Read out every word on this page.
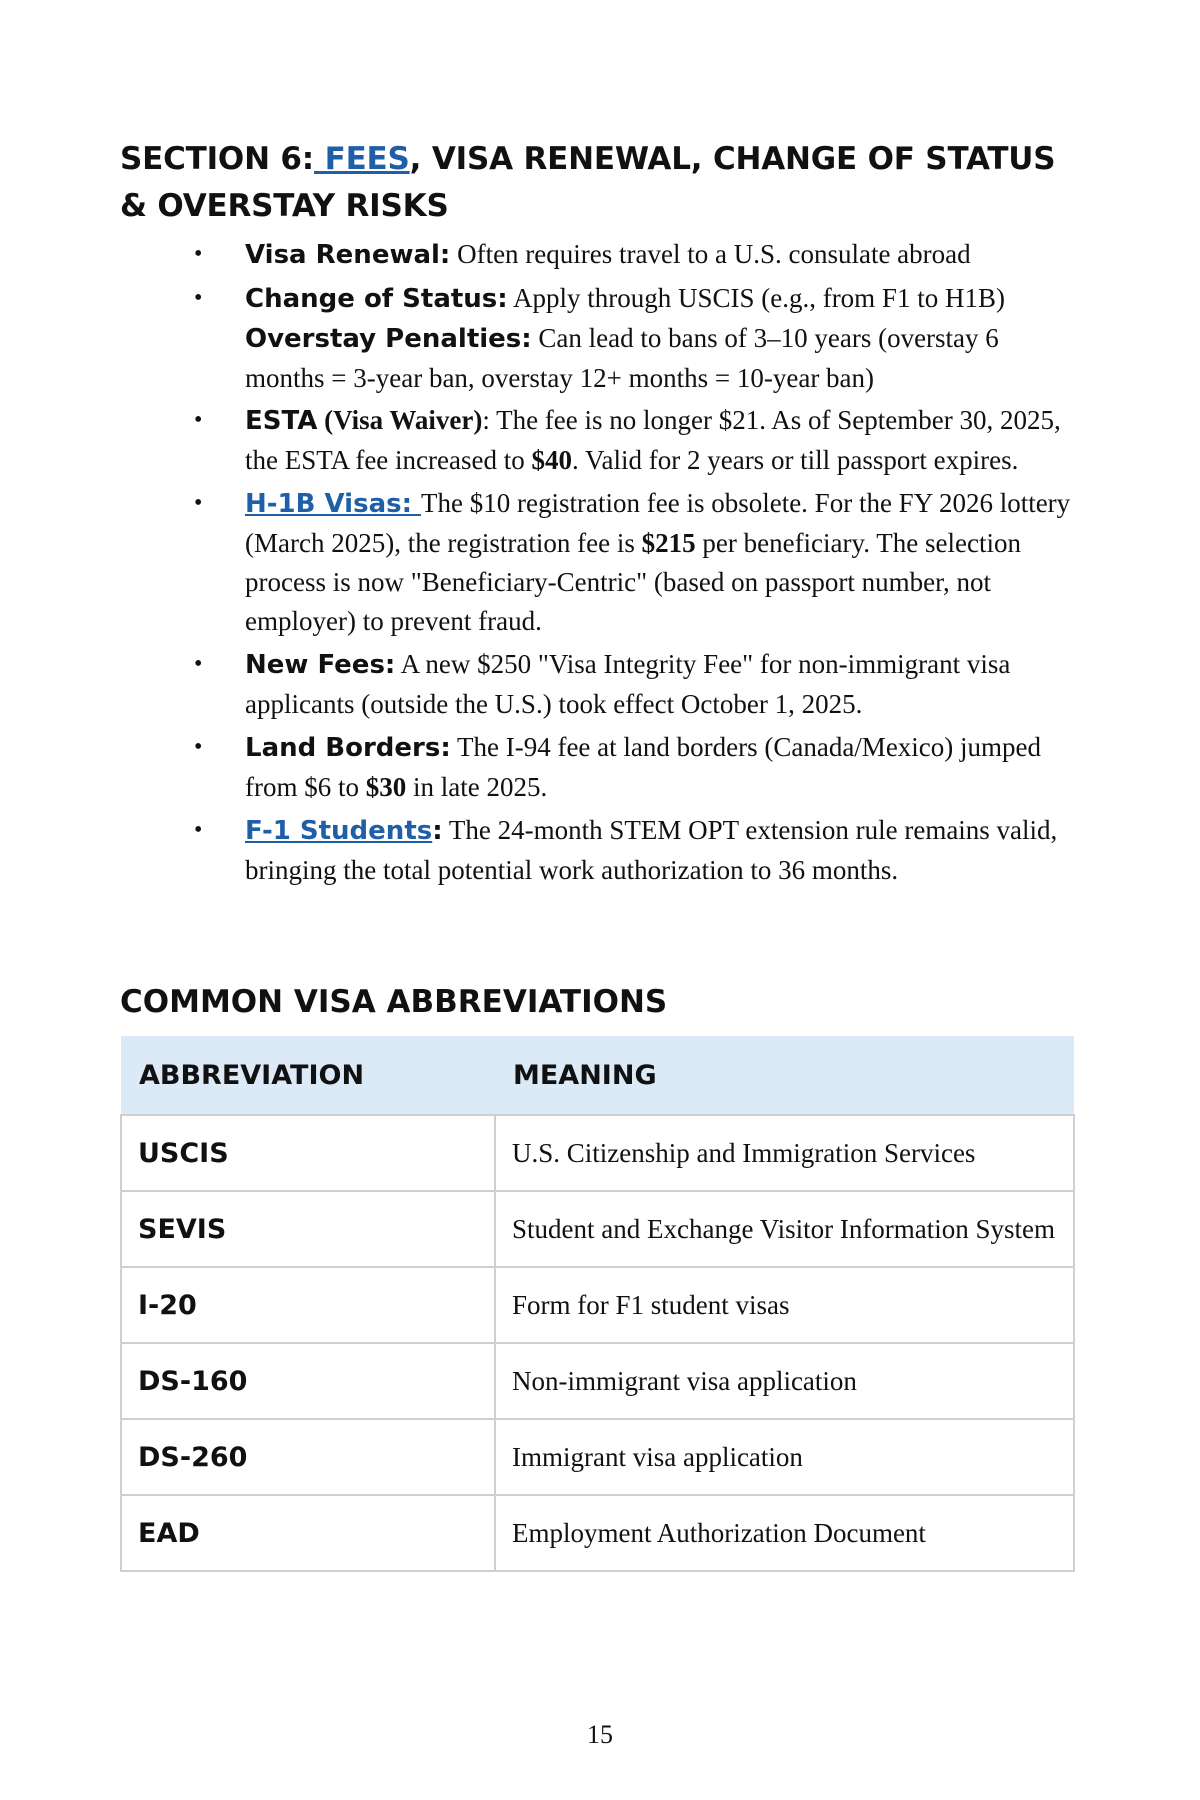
SECTION 6: FEES, VISA RENEWAL, CHANGE OF STATUS & OVERSTAY RISKS
• Visa Renewal: Often requires travel to a U.S. consulate abroad
• Change of Status: Apply through USCIS (e.g., from F1 to H1B)
Overstay Penalties: Can lead to bans of 3–10 years (overstay 6 months = 3-year ban, overstay 12+ months = 10-year ban)
• ESTA (Visa Waiver): The fee is no longer $21. As of September 30, 2025, the ESTA fee increased to $40. Valid for 2 years or till passport expires.
• H-1B Visas: The $10 registration fee is obsolete. For the FY 2026 lottery (March 2025), the registration fee is $215 per beneficiary. The selection process is now "Beneficiary-Centric" (based on passport number, not employer) to prevent fraud.
• New Fees: A new $250 "Visa Integrity Fee" for non-immigrant visa applicants (outside the U.S.) took effect October 1, 2025.
• Land Borders: The I-94 fee at land borders (Canada/Mexico) jumped from $6 to $30 in late 2025.
• F-1 Students: The 24-month STEM OPT extension rule remains valid, bringing the total potential work authorization to 36 months.
COMMON VISA ABBREVIATIONS
ABBREVIATION	MEANING
USCIS	U.S. Citizenship and Immigration Services
SEVIS	Student and Exchange Visitor Information System
I-20	Form for F1 student visas
DS-160	Non-immigrant visa application
DS-260	Immigrant visa application
EAD	Employment Authorization Document
15
